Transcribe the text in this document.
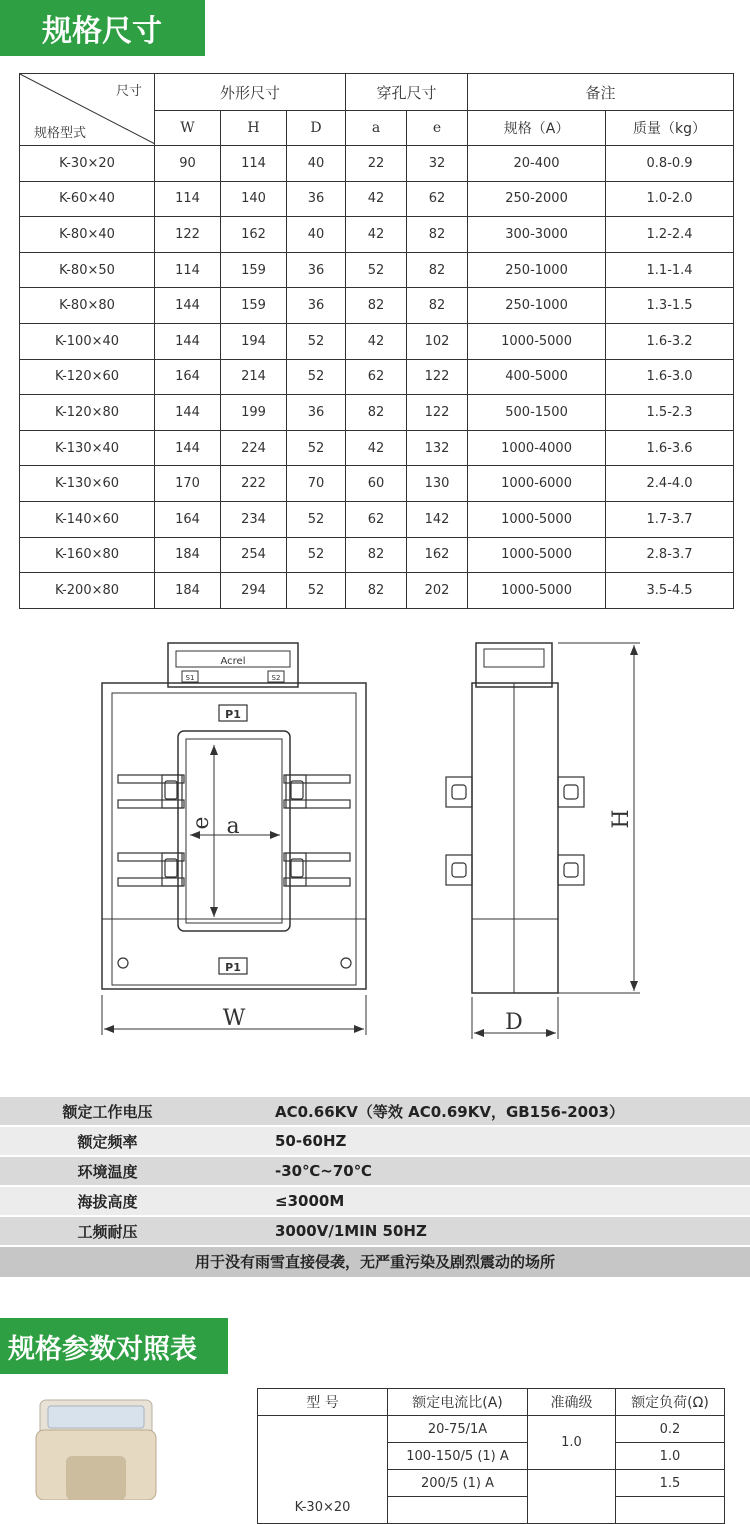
规格尺寸
尺寸
规格型式	外形尺寸			穿孔尺寸		备注	
	W	H	D	a	e	规格（A）	质量（kg）
K-30×20	90	114	40	22	32	20-400	0.8-0.9
K-60×40	114	140	36	42	62	250-2000	1.0-2.0
K-80×40	122	162	40	42	82	300-3000	1.2-2.4
K-80×50	114	159	36	52	82	250-1000	1.1-1.4
K-80×80	144	159	36	82	82	250-1000	1.3-1.5
K-100×40	144	194	52	42	102	1000-5000	1.6-3.2
K-120×60	164	214	52	62	122	400-5000	1.6-3.0
K-120×80	144	199	36	82	122	500-1500	1.5-2.3
K-130×40	144	224	52	42	132	1000-4000	1.6-3.6
K-130×60	170	222	70	60	130	1000-6000	2.4-4.0
K-140×60	164	234	52	62	142	1000-5000	1.7-3.7
K-160×80	184	254	52	82	162	1000-5000	2.8-3.7
K-200×80	184	294	52	82	202	1000-5000	3.5-4.5
Acrel
S1	S2
P1
P1
a
e
W
H
D
额定工作电压	AC0.66KV（等效 AC0.69KV，GB156-2003）
额定频率	50-60HZ
环境温度	-30℃~70℃
海拔高度	≤3000M
工频耐压	3000V/1MIN 50HZ
用于没有雨雪直接侵袭，无严重污染及剧烈震动的场所
规格参数对照表
型 号	额定电流比(A)	准确级	额定负荷(Ω)
K-30×20	20-75/1A	1.0	0.2
	100-150/5 (1) A		1.0
	200/5 (1) A		1.5
